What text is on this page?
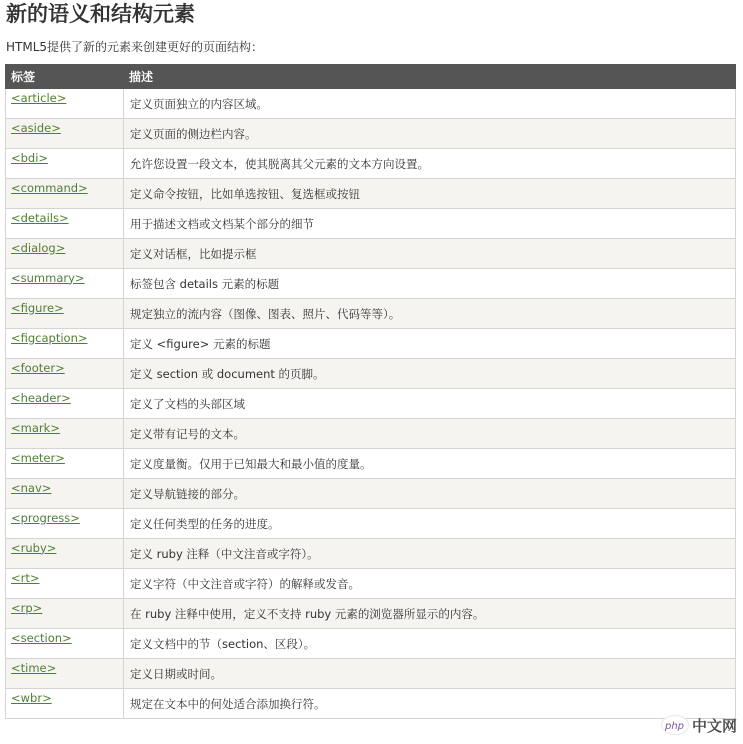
新的语义和结构元素
HTML5提供了新的元素来创建更好的页面结构：
标签	描述
<article>	定义页面独立的内容区域。
<aside>	定义页面的侧边栏内容。
<bdi>	允许您设置一段文本，使其脱离其父元素的文本方向设置。
<command>	定义命令按钮，比如单选按钮、复选框或按钮
<details>	用于描述文档或文档某个部分的细节
<dialog>	定义对话框，比如提示框
<summary>	标签包含 details 元素的标题
<figure>	规定独立的流内容（图像、图表、照片、代码等等）。
<figcaption>	定义 <figure> 元素的标题
<footer>	定义 section 或 document 的页脚。
<header>	定义了文档的头部区域
<mark>	定义带有记号的文本。
<meter>	定义度量衡。仅用于已知最大和最小值的度量。
<nav>	定义导航链接的部分。
<progress>	定义任何类型的任务的进度。
<ruby>	定义 ruby 注释（中文注音或字符）。
<rt>	定义字符（中文注音或字符）的解释或发音。
<rp>	在 ruby 注释中使用，定义不支持 ruby 元素的浏览器所显示的内容。
<section>	定义文档中的节（section、区段）。
<time>	定义日期或时间。
<wbr>	规定在文本中的何处适合添加换行符。
php 中文网
